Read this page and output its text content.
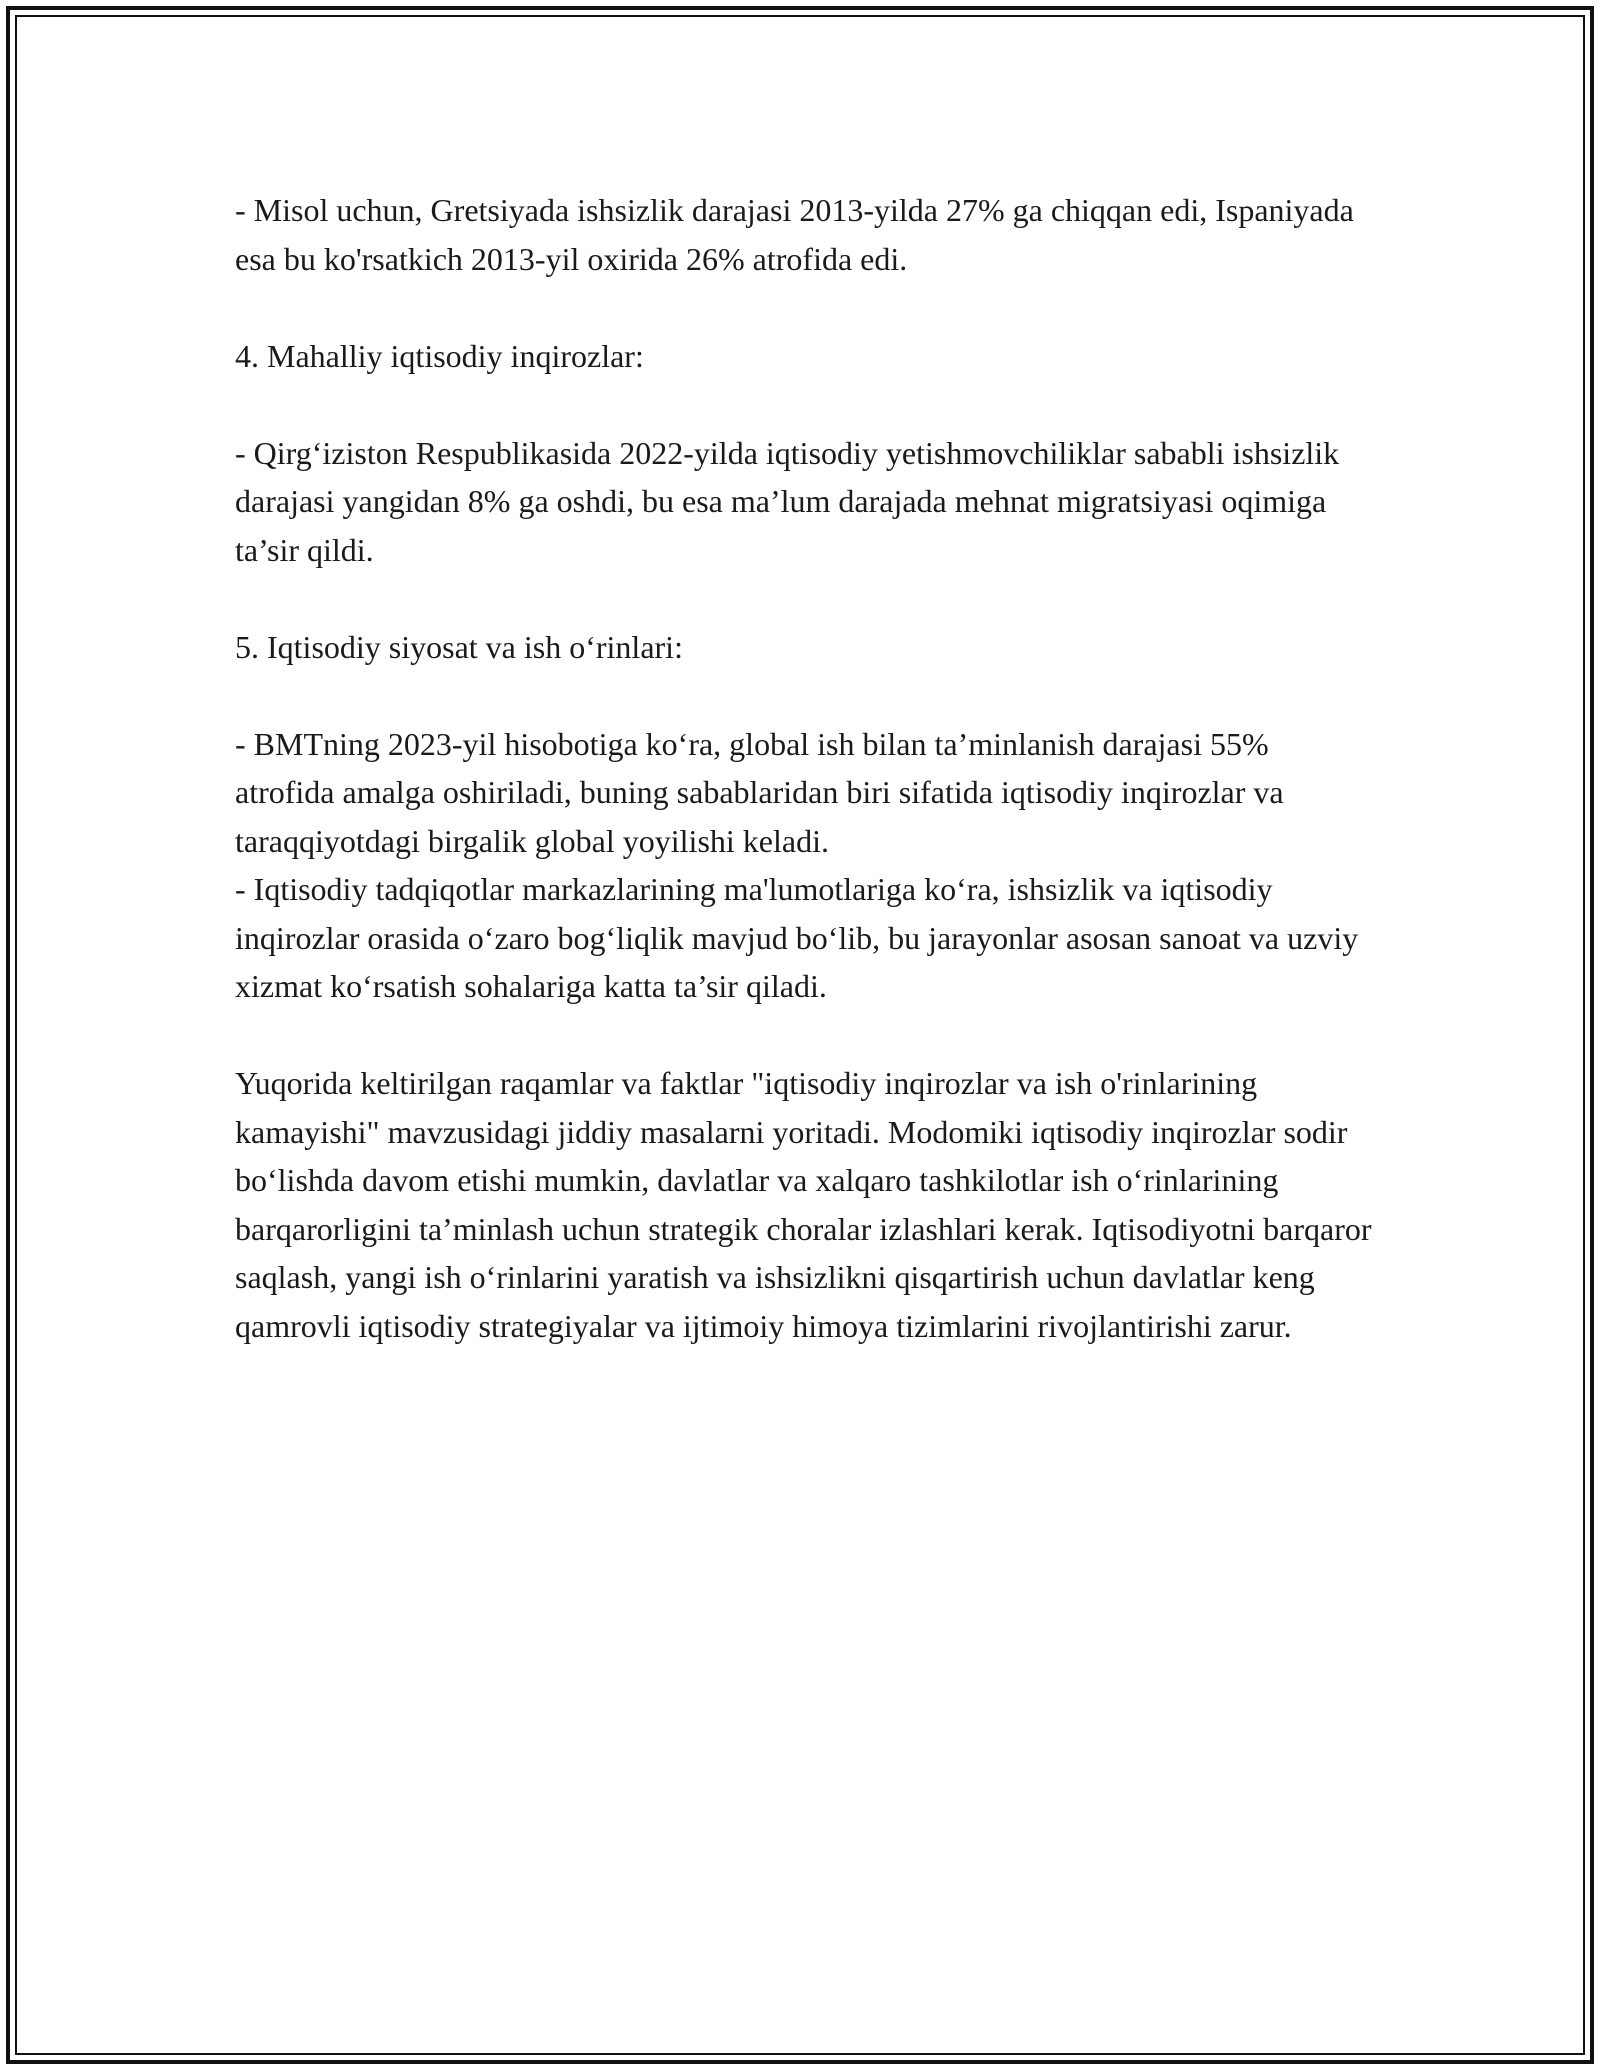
- Misol uchun, Gretsiyada ishsizlik darajasi 2013-yilda 27% ga chiqqan edi, Ispaniyada esa bu ko'rsatkich 2013-yil oxirida 26% atrofida edi.

4. Mahalliy iqtisodiy inqirozlar:

- Qirg‘iziston Respublikasida 2022-yilda iqtisodiy yetishmovchiliklar sababli ishsizlik darajasi yangidan 8% ga oshdi, bu esa ma’lum darajada mehnat migratsiyasi oqimiga ta’sir qildi.

5. Iqtisodiy siyosat va ish o‘rinlari:

- BMTning 2023-yil hisobotiga ko‘ra, global ish bilan ta’minlanish darajasi 55% atrofida amalga oshiriladi, buning sabablaridan biri sifatida iqtisodiy inqirozlar va taraqqiyotdagi birgalik global yoyilishi keladi.

- Iqtisodiy tadqiqotlar markazlarining ma'lumotlariga ko‘ra, ishsizlik va iqtisodiy inqirozlar orasida o‘zaro bog‘liqlik mavjud bo‘lib, bu jarayonlar asosan sanoat va uzviy xizmat ko‘rsatish sohalariga katta ta’sir qiladi.

Yuqorida keltirilgan raqamlar va faktlar "iqtisodiy inqirozlar va ish o'rinlarining kamayishi" mavzusidagi jiddiy masalarni yoritadi. Modomiki iqtisodiy inqirozlar sodir bo‘lishda davom etishi mumkin, davlatlar va xalqaro tashkilotlar ish o‘rinlarining barqarorligini ta’minlash uchun strategik choralar izlashlari kerak. Iqtisodiyotni barqaror saqlash, yangi ish o‘rinlarini yaratish va ishsizlikni qisqartirish uchun davlatlar keng qamrovli iqtisodiy strategiyalar va ijtimoiy himoya tizimlarini rivojlantirishi zarur.
